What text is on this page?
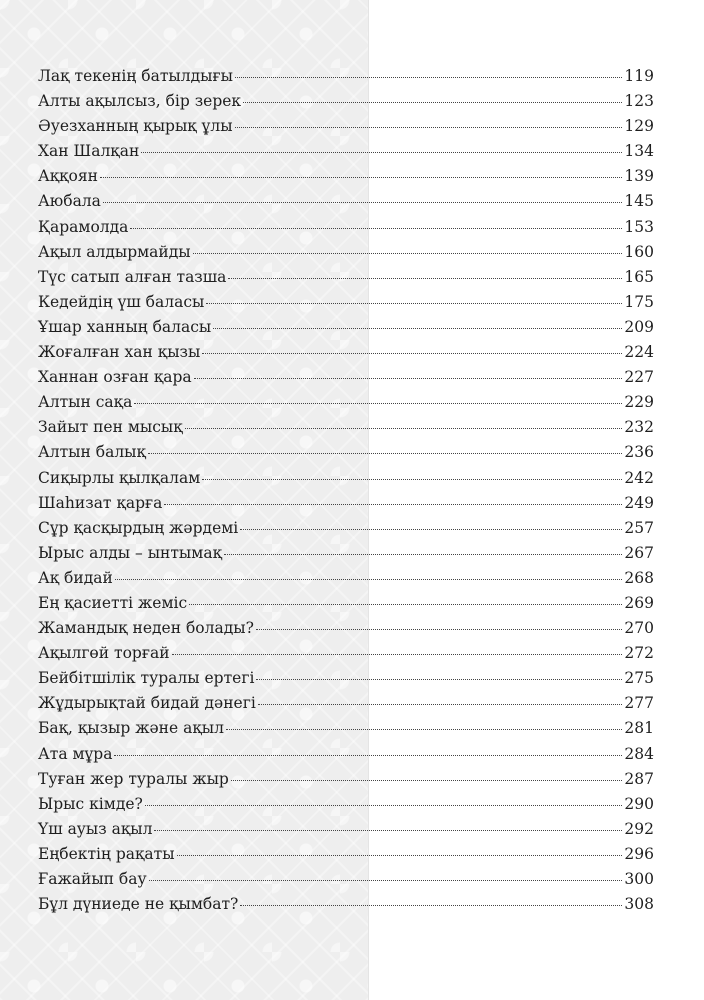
Лақ текенің батылдығы	119
Алты ақылсыз, бір зерек	123
Әуезханның қырық ұлы	129
Хан Шалқан	134
Аққоян	139
Аюбала	145
Қарамолда	153
Ақыл алдырмайды	160
Түс сатып алған тазша	165
Кедейдің үш баласы	175
Ұшар ханның баласы	209
Жоғалған хан қызы	224
Ханнан озған қара	227
Алтын сақа	229
Зайыт пен мысық	232
Алтын балық	236
Сиқырлы қылқалам	242
Шаһизат қарға	249
Сұр қасқырдың жәрдемі	257
Ырыс алды – ынтымақ	267
Ақ бидай	268
Ең қасиетті жеміс	269
Жамандық неден болады?	270
Ақылгөй торғай	272
Бейбітшілік туралы ертегі	275
Жұдырықтай бидай дәнегі	277
Бақ, қызыр және ақыл	281
Ата мұра	284
Туған жер туралы жыр	287
Ырыс кімде?	290
Үш ауыз ақыл	292
Еңбектің рақаты	296
Ғажайып бау	300
Бұл дүниеде не қымбат?	308
